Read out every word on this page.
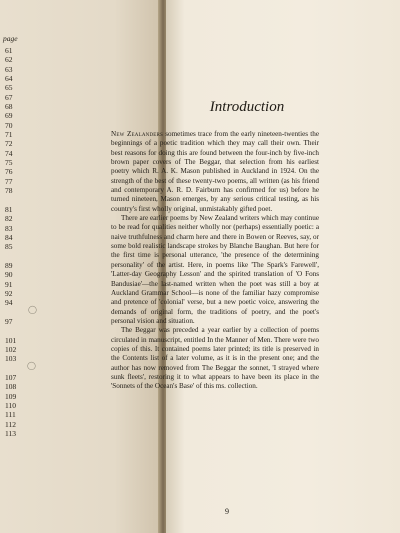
page
61
62
63
64
65
67
68
69
70
71
72
74
75
76
77
78
81
82
83
84
85
89
90
91
92
94
97
101
102
103
107
108
109
110
111
112
113
◯
◯
Introduction

New Zealanders sometimes trace from the early nineteen-twenties the beginnings of a poetic tradition which they may call their own. Their best reasons for doing this are found between the four-inch by five-inch brown paper covers of The Beggar, that selection from his earliest poetry which R. A. K. Mason published in Auckland in 1924. On the strength of the best of these twenty-two poems, all written (as his friend and contemporary A. R. D. Fairburn has confirmed for us) before he turned nineteen, Mason emerges, by any serious critical testing, as his country's first wholly original, unmistakably gifted poet.

There are earlier poems by New Zealand writers which may continue to be read for qualities neither wholly nor (perhaps) essentially poetic: a naive truthfulness and charm here and there in Bowen or Reeves, say, or some bold realistic landscape strokes by Blanche Baughan. But here for the first time is personal utterance, 'the presence of the determining personality' of the artist. Here, in poems like 'The Spark's Farewell', 'Latter-day Geography Lesson' and the spirited translation of 'O Fons Bandusiae'—the last-named written when the poet was still a boy at Auckland Grammar School—is none of the familiar hazy compromise and pretence of 'colonial' verse, but a new poetic voice, answering the demands of original form, the traditions of poetry, and the poet's personal vision and situation.

The Beggar was preceded a year earlier by a collection of poems circulated in manuscript, entitled In the Manner of Men. There were two copies of this. It contained poems later printed; its title is preserved in the Contents list of a later volume, as it is in the present one; and the author has now removed from The Beggar the sonnet, 'I strayed where sunk fleets', restoring it to what appears to have been its place in the 'Sonnets of the Ocean's Base' of this ms. collection.

9
